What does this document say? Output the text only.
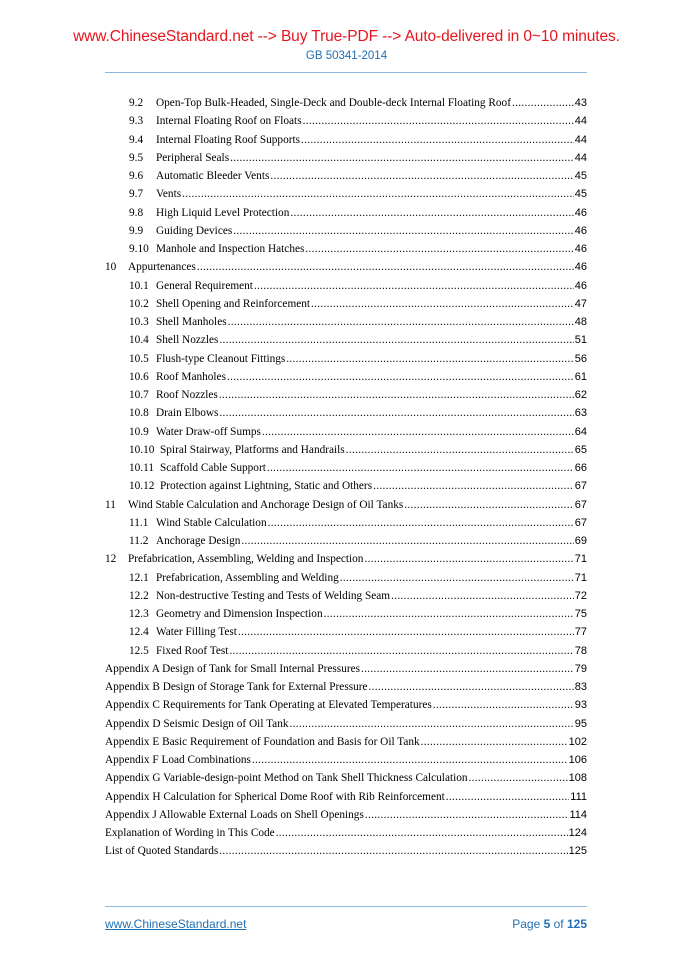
www.ChineseStandard.net --> Buy True-PDF --> Auto-delivered in 0~10 minutes.
GB 50341-2014
9.2	Open-Top Bulk-Headed, Single-Deck and Double-deck Internal Floating Roof .....	43
9.3	Internal Floating Roof on Floats .....	44
9.4	Internal Floating Roof Supports .....	44
9.5	Peripheral Seals .....	44
9.6	Automatic Bleeder Vents .....	45
9.7	Vents .....	45
9.8	High Liquid Level Protection .....	46
9.9	Guiding Devices .....	46
9.10 Manhole and Inspection Hatches .....	46
10	Appurtenances .....	46
10.1 General Requirement .....	46
10.2 Shell Opening and Reinforcement .....	47
10.3 Shell Manholes .....	48
10.4 Shell Nozzles .....	51
10.5 Flush-type Cleanout Fittings .....	56
10.6 Roof Manholes .....	61
10.7 Roof Nozzles .....	62
10.8 Drain Elbows .....	63
10.9 Water Draw-off Sumps .....	64
10.10 Spiral Stairway, Platforms and Handrails .....	65
10.11 Scaffold Cable Support .....	66
10.12 Protection against Lightning, Static and Others .....	67
11	Wind Stable Calculation and Anchorage Design of Oil Tanks .....	67
11.1 Wind Stable Calculation .....	67
11.2 Anchorage Design .....	69
12	Prefabrication, Assembling, Welding and Inspection .....	71
12.1 Prefabrication, Assembling and Welding .....	71
12.2 Non-destructive Testing and Tests of Welding Seam .....	72
12.3 Geometry and Dimension Inspection .....	75
12.4 Water Filling Test .....	77
12.5 Fixed Roof Test .....	78
Appendix A Design of Tank for Small Internal Pressures .....	79
Appendix B Design of Storage Tank for External Pressure .....	83
Appendix C Requirements for Tank Operating at Elevated Temperatures .....	93
Appendix D Seismic Design of Oil Tank .....	95
Appendix E Basic Requirement of Foundation and Basis for Oil Tank .....	102
Appendix F Load Combinations .....	106
Appendix G Variable-design-point Method on Tank Shell Thickness Calculation .....	108
Appendix H Calculation for Spherical Dome Roof with Rib Reinforcement .....	111
Appendix J Allowable External Loads on Shell Openings .....	114
Explanation of Wording in This Code .....	124
List of Quoted Standards .....	125
www.ChineseStandard.net	Page 5 of 125
